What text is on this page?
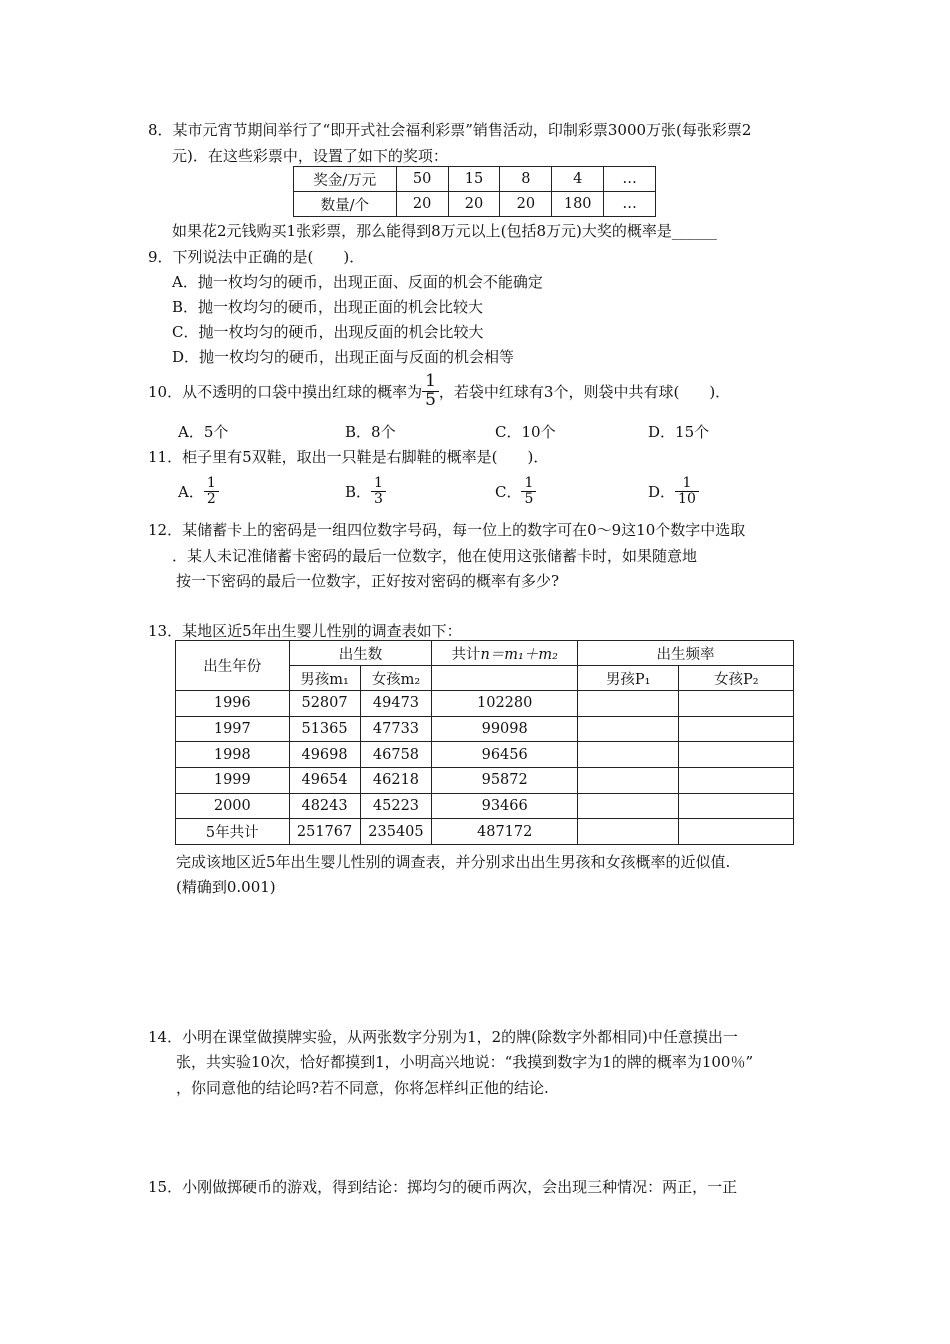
8．某市元宵节期间举行了“即开式社会福利彩票”销售活动，印制彩票3000万张(每张彩票2
元)．在这些彩票中，设置了如下的奖项：
奖金/万元	50	15	8	4	…
数量/个	20	20	20	180	…
如果花2元钱购买1张彩票，那么能得到8万元以上(包括8万元)大奖的概率是______
9．下列说法中正确的是(　　)．
A．抛一枚均匀的硬币，出现正面、反面的机会不能确定
B．抛一枚均匀的硬币，出现正面的机会比较大
C．抛一枚均匀的硬币，出现反面的机会比较大
D．抛一枚均匀的硬币，出现正面与反面的机会相等
10．从不透明的口袋中摸出红球的概率为 $\frac{1}{5}$ ，若袋中红球有3个，则袋中共有球(　　)．
A．5个	B．8个	C．10个	D．15个
11．柜子里有5双鞋，取出一只鞋是右脚鞋的概率是(　　)．
A． $\frac{1}{2}$	B． $\frac{1}{3}$	C． $\frac{1}{5}$	D． $\frac{1}{10}$
12．某储蓄卡上的密码是一组四位数字号码，每一位上的数字可在0～9这10个数字中选取
．某人未记准储蓄卡密码的最后一位数字，他在使用这张储蓄卡时，如果随意地
按一下密码的最后一位数字，正好按对密码的概率有多少?
13．某地区近5年出生婴儿性别的调查表如下：
出生年份	出生数		共计n＝m₁＋m₂	出生频率	
	男孩m₁	女孩m₂		男孩P₁	女孩P₂
1996	52807	49473	102280		
1997	51365	47733	99098		
1998	49698	46758	96456		
1999	49654	46218	95872		
2000	48243	45223	93466		
5年共计	251767	235405	487172		
完成该地区近5年出生婴儿性别的调查表，并分别求出出生男孩和女孩概率的近似值.
(精确到0.001)
14．小明在课堂做摸牌实验，从两张数字分别为1，2的牌(除数字外都相同)中任意摸出一
张，共实验10次，恰好都摸到1，小明高兴地说：“我摸到数字为1的牌的概率为100％”
，你同意他的结论吗?若不同意，你将怎样纠正他的结论.
15．小刚做掷硬币的游戏，得到结论：掷均匀的硬币两次，会出现三种情况：两正，一正
